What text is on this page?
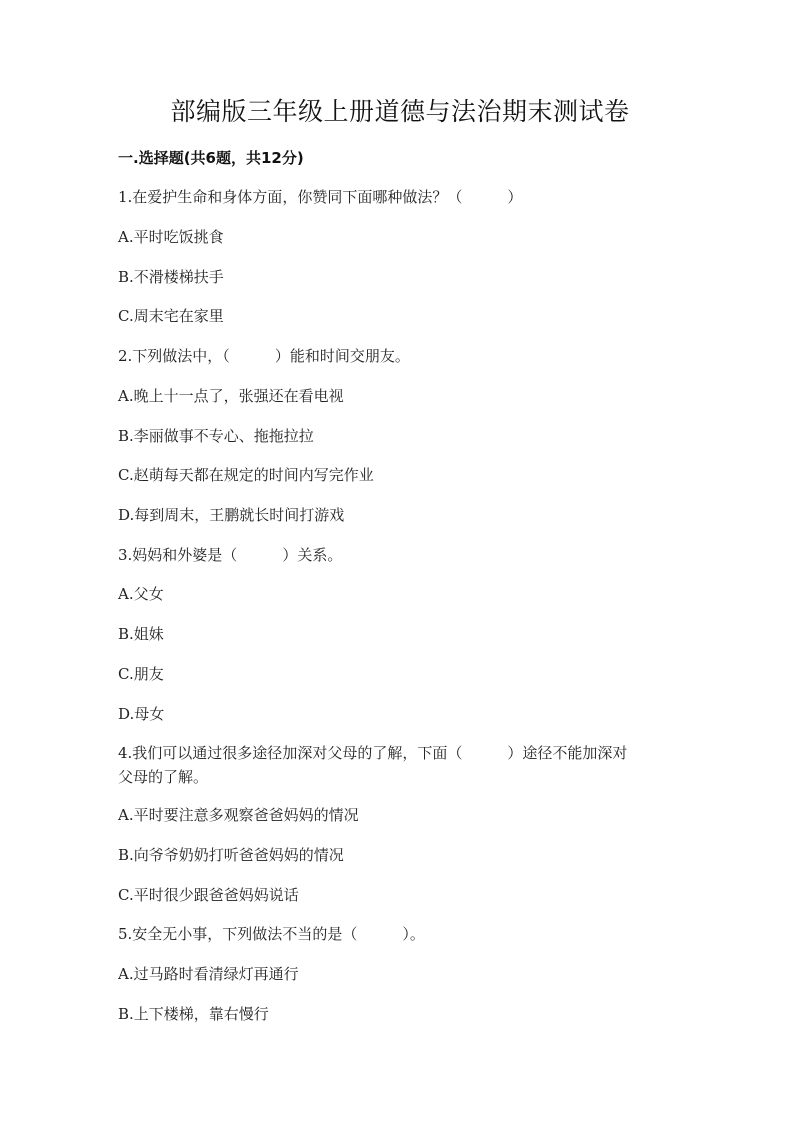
部编版三年级上册道德与法治期末测试卷
一.选择题(共6题，共12分)
1.在爱护生命和身体方面，你赞同下面哪种做法？（　　　）
A.平时吃饭挑食
B.不滑楼梯扶手
C.周末宅在家里
2.下列做法中，（　　　）能和时间交朋友。
A.晚上十一点了，张强还在看电视
B.李丽做事不专心、拖拖拉拉
C.赵萌每天都在规定的时间内写完作业
D.每到周末，王鹏就长时间打游戏
3.妈妈和外婆是（　　　）关系。
A.父女
B.姐妹
C.朋友
D.母女
4.我们可以通过很多途径加深对父母的了解，下面（　　　）途径不能加深对
父母的了解。
A.平时要注意多观察爸爸妈妈的情况
B.向爷爷奶奶打听爸爸妈妈的情况
C.平时很少跟爸爸妈妈说话
5.安全无小事，下列做法不当的是（　　　）。
A.过马路时看清绿灯再通行
B.上下楼梯，靠右慢行
